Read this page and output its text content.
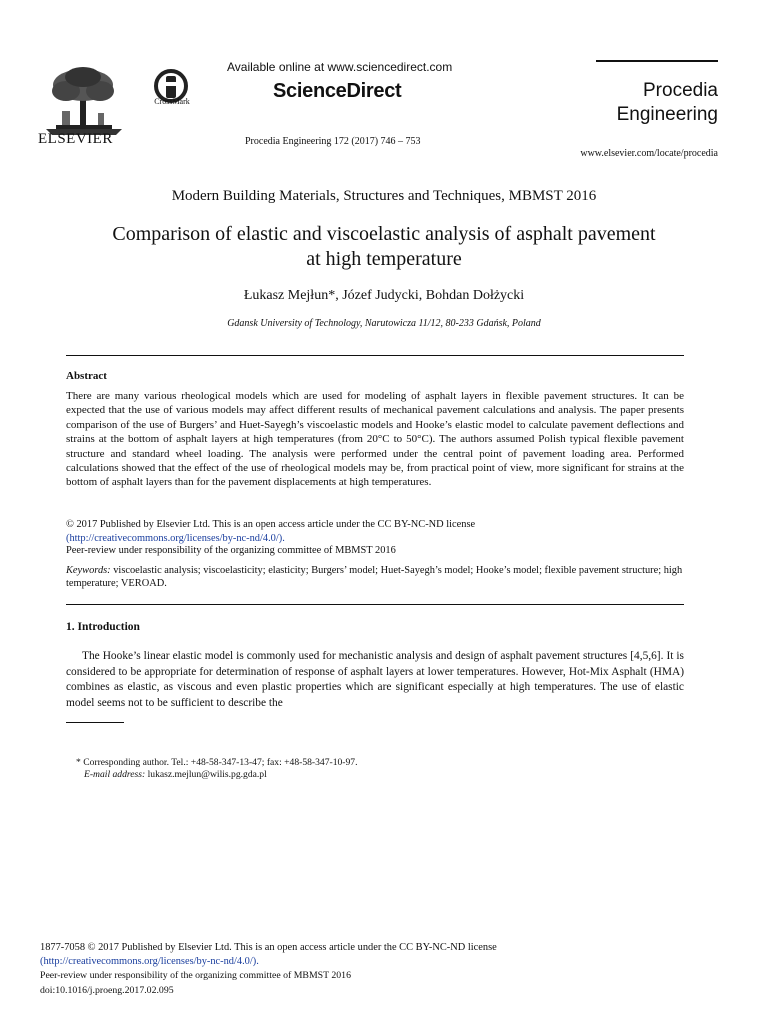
ELSEVIER
CrossMark
Available online at www.sciencedirect.com
ScienceDirect
Procedia Engineering 172 (2017) 746 – 753
Procedia
Engineering
www.elsevier.com/locate/procedia
Modern Building Materials, Structures and Techniques, MBMST 2016
Comparison of elastic and viscoelastic analysis of asphalt pavement
at high temperature
Łukasz Mejłun*, Józef Judycki, Bohdan Dołżycki
Gdansk University of Technology, Narutowicza 11/12, 80-233 Gdańsk, Poland
Abstract
There are many various rheological models which are used for modeling of asphalt layers in flexible pavement structures. It can be expected that the use of various models may affect different results of mechanical pavement calculations and analysis. The paper presents comparison of the use of Burgers’ and Huet-Sayegh’s viscoelastic models and Hooke’s elastic model to calculate pavement deflections and strains at the bottom of asphalt layers at high temperatures (from 20°C to 50°C). The authors assumed Polish typical flexible pavement structure and standard wheel loading. The analysis were performed under the central point of pavement loading area. Performed calculations showed that the effect of the use of rheological models may be, from practical point of view, more significant for strains at the bottom of asphalt layers than for the pavement displacements at high temperatures.
© 2017 Published by Elsevier Ltd. This is an open access article under the CC BY-NC-ND license
(http://creativecommons.org/licenses/by-nc-nd/4.0/).
Peer-review under responsibility of the organizing committee of MBMST 2016
Keywords: viscoelastic analysis; viscoelasticity; elasticity; Burgers’ model; Huet-Sayegh’s model; Hooke’s model; flexible pavement structure; high temperature; VEROAD.
1. Introduction
The Hooke’s linear elastic model is commonly used for mechanistic analysis and design of asphalt pavement structures [4,5,6]. It is considered to be appropriate for determination of response of asphalt layers at lower temperatures. However, Hot-Mix Asphalt (HMA) combines as elastic, as viscous and even plastic properties which are significant especially at high temperatures. The use of elastic model seems not to be sufficient to describe the
* Corresponding author. Tel.: +48-58-347-13-47; fax: +48-58-347-10-97.
E-mail address: lukasz.mejlun@wilis.pg.gda.pl
1877-7058 © 2017 Published by Elsevier Ltd. This is an open access article under the CC BY-NC-ND license
(http://creativecommons.org/licenses/by-nc-nd/4.0/).
Peer-review under responsibility of the organizing committee of MBMST 2016
doi:10.1016/j.proeng.2017.02.095
